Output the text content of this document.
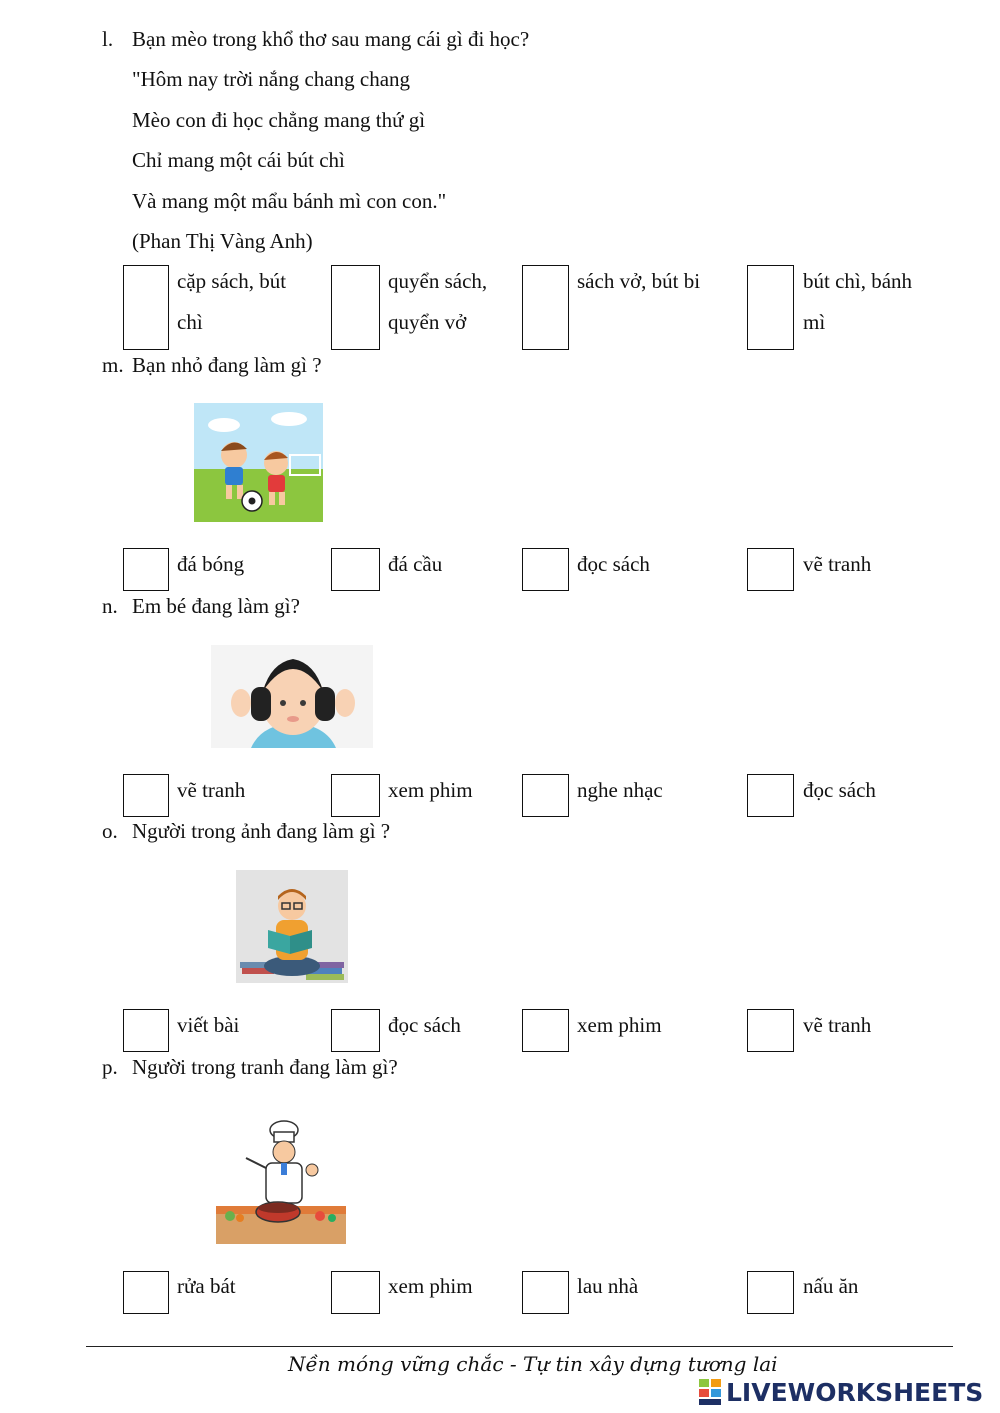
l. Bạn mèo trong khổ thơ sau mang cái gì đi học?
"Hôm nay trời nắng chang chang
Mèo con đi học chẳng mang thứ gì
Chỉ mang một cái bút chì
Và mang một mẩu bánh mì con con."
(Phan Thị Vàng Anh)
cặp sách, bút
chì
quyển sách,
quyển vở
sách vở, bút bi	bút chì, bánh
mì
m. Bạn nhỏ đang làm gì ?
đá bóng	đá cầu	đọc sách	vẽ tranh
n. Em bé đang làm gì?
vẽ tranh	xem phim	nghe nhạc	đọc sách
o. Người trong ảnh đang làm gì ?
viết bài	đọc sách	xem phim	vẽ tranh
p. Người trong tranh đang làm gì?
rửa bát	xem phim	lau nhà	nấu ăn
Nền móng vững chắc - Tự tin xây dựng tương lai
LIVEWORKSHEETS
